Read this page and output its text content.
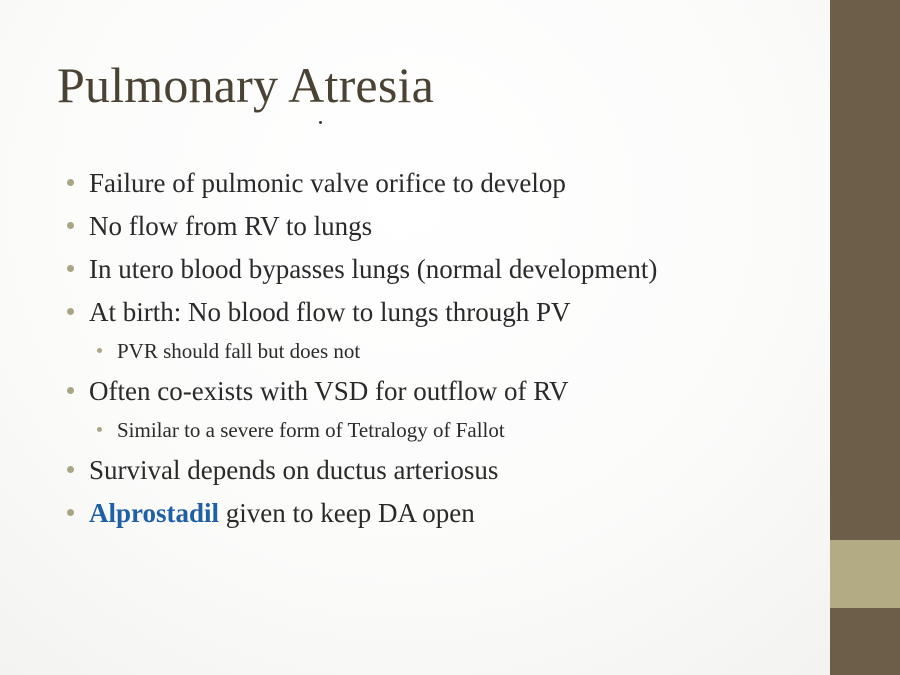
Pulmonary Atresia
Failure of pulmonic valve orifice to develop
No flow from RV to lungs
In utero blood bypasses lungs (normal development)
At birth: No blood flow to lungs through PV
PVR should fall but does not
Often co-exists with VSD for outflow of RV
Similar to a severe form of Tetralogy of Fallot
Survival depends on ductus arteriosus
Alprostadil given to keep DA open
